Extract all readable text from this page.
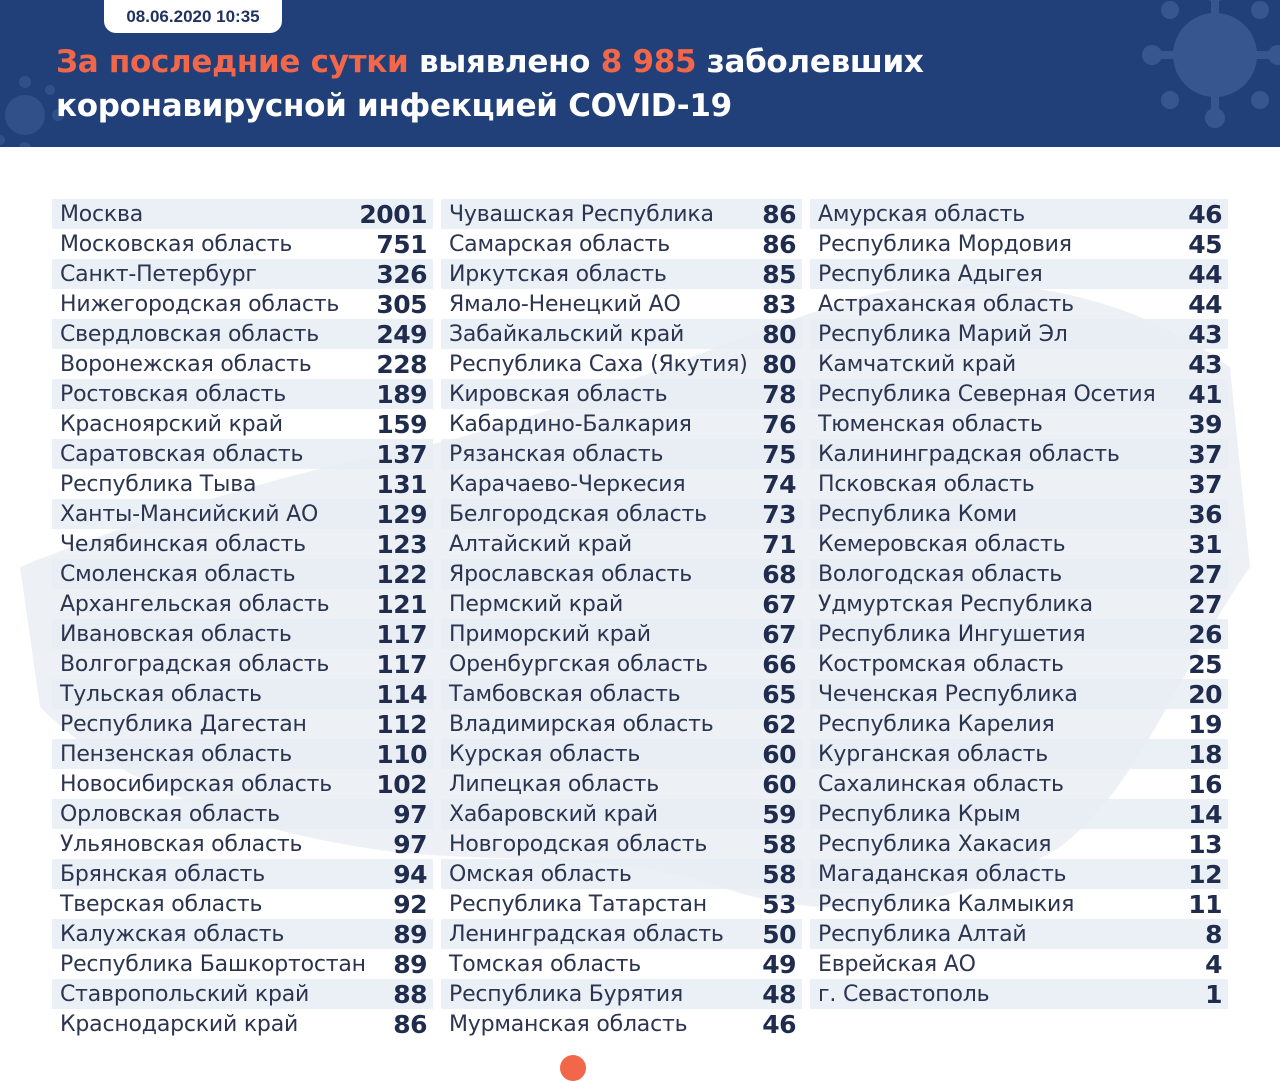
08.06.2020 10:35
За последние сутки выявлено 8 985 заболевших
коронавирусной инфекцией COVID-19
Москва	2001
Московская область	751
Санкт-Петербург	326
Нижегородская область 305
Свердловская область 249
Воронежская область	228
Ростовская область	189
Красноярский край	159
Саратовская область	137
Республика Тыва	131
Ханты-Мансийский АО 129
Челябинская область	123
Смоленская область	122
Архангельская область 121
Ивановская область	117
Волгоградская область 117
Тульская область	114
Республика Дагестан	112
Пензенская область	110
Новосибирская область 102
Орловская область	97
Ульяновская область	97
Брянская область	94
Тверская область	92
Калужская область	89
Республика Башкортостан 89
Ставропольский край	88
Краснодарский край	86
Чувашская Республика 86
Самарская область	86
Иркутская область	85
Ямало-Ненецкий АО	83
Забайкальский край	80
Республика Саха (Якутия) 80
Кировская область	78
Кабардино-Балкария	76
Рязанская область	75
Карачаево-Черкесия	74
Белгородская область 73
Алтайский край	71
Ярославская область	68
Пермский край	67
Приморский край	67
Оренбургская область 66
Тамбовская область	65
Владимирская область 62
Курская область	60
Липецкая область	60
Хабаровский край	59
Новгородская область 58
Омская область	58
Республика Татарстан 53
Ленинградская область 50
Томская область	49
Республика Бурятия	48
Мурманская область	46
Амурская область	46
Республика Мордовия	45
Республика Адыгея	44
Астраханская область	44
Республика Марий Эл	43
Камчатский край	43
Республика Северная Осетия 41
Тюменская область	39
Калининградская область	37
Псковская область	37
Республика Коми	36
Кемеровская область	31
Вологодская область	27
Удмуртская Республика	27
Республика Ингушетия	26
Костромская область	25
Чеченская Республика	20
Республика Карелия	19
Курганская область	18
Сахалинская область	16
Республика Крым	14
Республика Хакасия	13
Магаданская область	12
Республика Калмыкия	11
Республика Алтай	8
Еврейская АО	4
г. Севастополь	1
